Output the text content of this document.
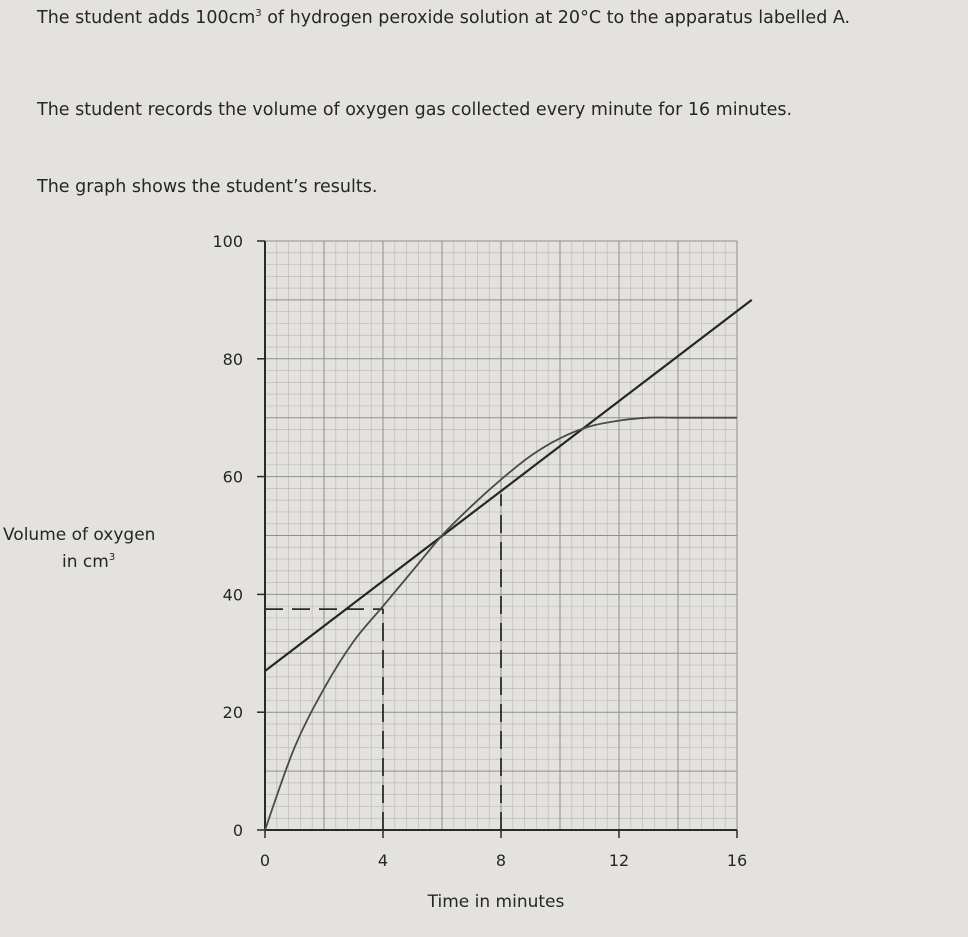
The student adds $100cm^3$ of hydrogen peroxide solution at 20°C to the apparatus labelled A.

The student records the volume of oxygen gas collected every minute for 16 minutes.

The graph shows the student’s results.

0
20
40
60
80
100
0	4	8	12	16
Volume of oxygen
in $cm^3$
Time in minutes
